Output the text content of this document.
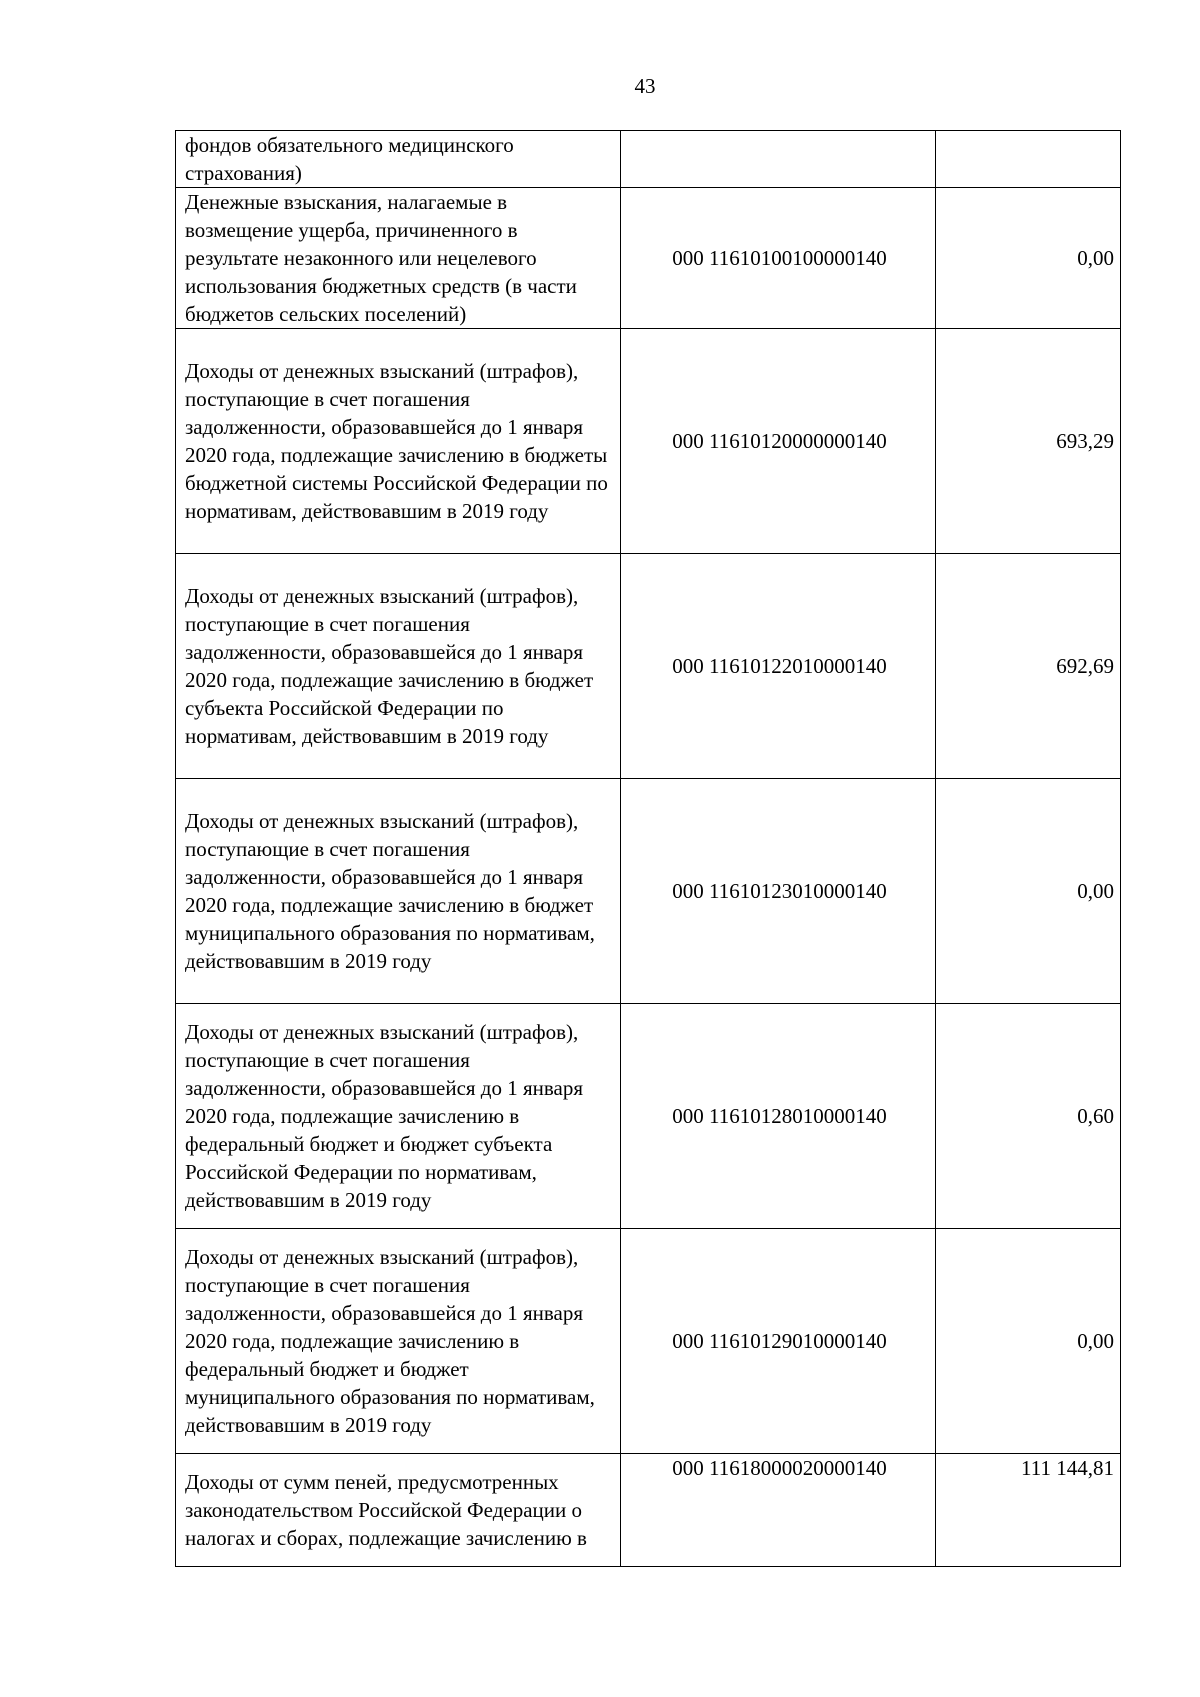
43
фондов обязательного медицинского страхования)		
Денежные взыскания, налагаемые в возмещение ущерба, причиненного в результате незаконного или нецелевого использования бюджетных средств (в части бюджетов сельских поселений)	000 11610100100000140	0,00
Доходы от денежных взысканий (штрафов), поступающие в счет погашения задолженности, образовавшейся до 1 января 2020 года, подлежащие зачислению в бюджеты бюджетной системы Российской Федерации по нормативам, действовавшим в 2019 году	000 11610120000000140	693,29
Доходы от денежных взысканий (штрафов), поступающие в счет погашения задолженности, образовавшейся до 1 января 2020 года, подлежащие зачислению в бюджет субъекта Российской Федерации по нормативам, действовавшим в 2019 году	000 11610122010000140	692,69
Доходы от денежных взысканий (штрафов), поступающие в счет погашения задолженности, образовавшейся до 1 января 2020 года, подлежащие зачислению в бюджет муниципального образования по нормативам, действовавшим в 2019 году	000 11610123010000140	0,00
Доходы от денежных взысканий (штрафов), поступающие в счет погашения задолженности, образовавшейся до 1 января 2020 года, подлежащие зачислению в федеральный бюджет и бюджет субъекта Российской Федерации по нормативам, действовавшим в 2019 году	000 11610128010000140	0,60
Доходы от денежных взысканий (штрафов), поступающие в счет погашения задолженности, образовавшейся до 1 января 2020 года, подлежащие зачислению в федеральный бюджет и бюджет муниципального образования по нормативам, действовавшим в 2019 году	000 11610129010000140	0,00
Доходы от сумм пеней, предусмотренных законодательством Российской Федерации о налогах и сборах, подлежащие зачислению в	000 11618000020000140	111 144,81
